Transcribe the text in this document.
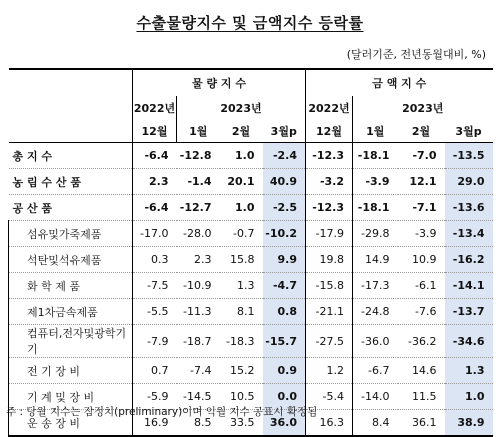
수출물량지수 및 금액지수 등락률
(달러기준, 전년동월대비, %)
	물 량 지 수				금 액 지 수			
	2022년	2023년			2022년	2023년		
	12월	1월	2월	3월p	12월	1월	2월	3월p
총 지 수	-6.4	-12.8	1.0	-2.4	-12.3	-18.1	-7.0	-13.5
농 림 수 산 품	2.3	-1.4	20.1	40.9	-3.2	-3.9	12.1	29.0
공 산 품	-6.4	-12.7	1.0	-2.5	-12.3	-18.1	-7.1	-13.6
섬유및가죽제품	-17.0	-28.0	-0.7	-10.2	-17.9	-29.8	-3.9	-13.4
석탄및석유제품	0.3	2.3	15.8	9.9	19.8	14.9	10.9	-16.2
화 학 제 품	-7.5	-10.9	1.3	-4.7	-15.8	-17.3	-6.1	-14.1
제1차금속제품	-5.5	-11.3	8.1	0.8	-21.1	-24.8	-7.6	-13.7
컴퓨터,전자및광학기 기	-7.9	-18.7	-18.3	-15.7	-27.5	-36.0	-36.2	-34.6
전 기 장 비	0.7	-7.4	15.2	0.9	1.2	-6.7	14.6	1.3
기 계 및 장 비	-5.9	-14.5	10.5	0.0	-5.4	-14.0	11.5	1.0
운 송 장 비	16.9	8.5	33.5	36.0	16.3	8.4	36.1	38.9
주 : 당월 지수는 잠정치(preliminary)이며 익월 지수 공표시 확정됨
